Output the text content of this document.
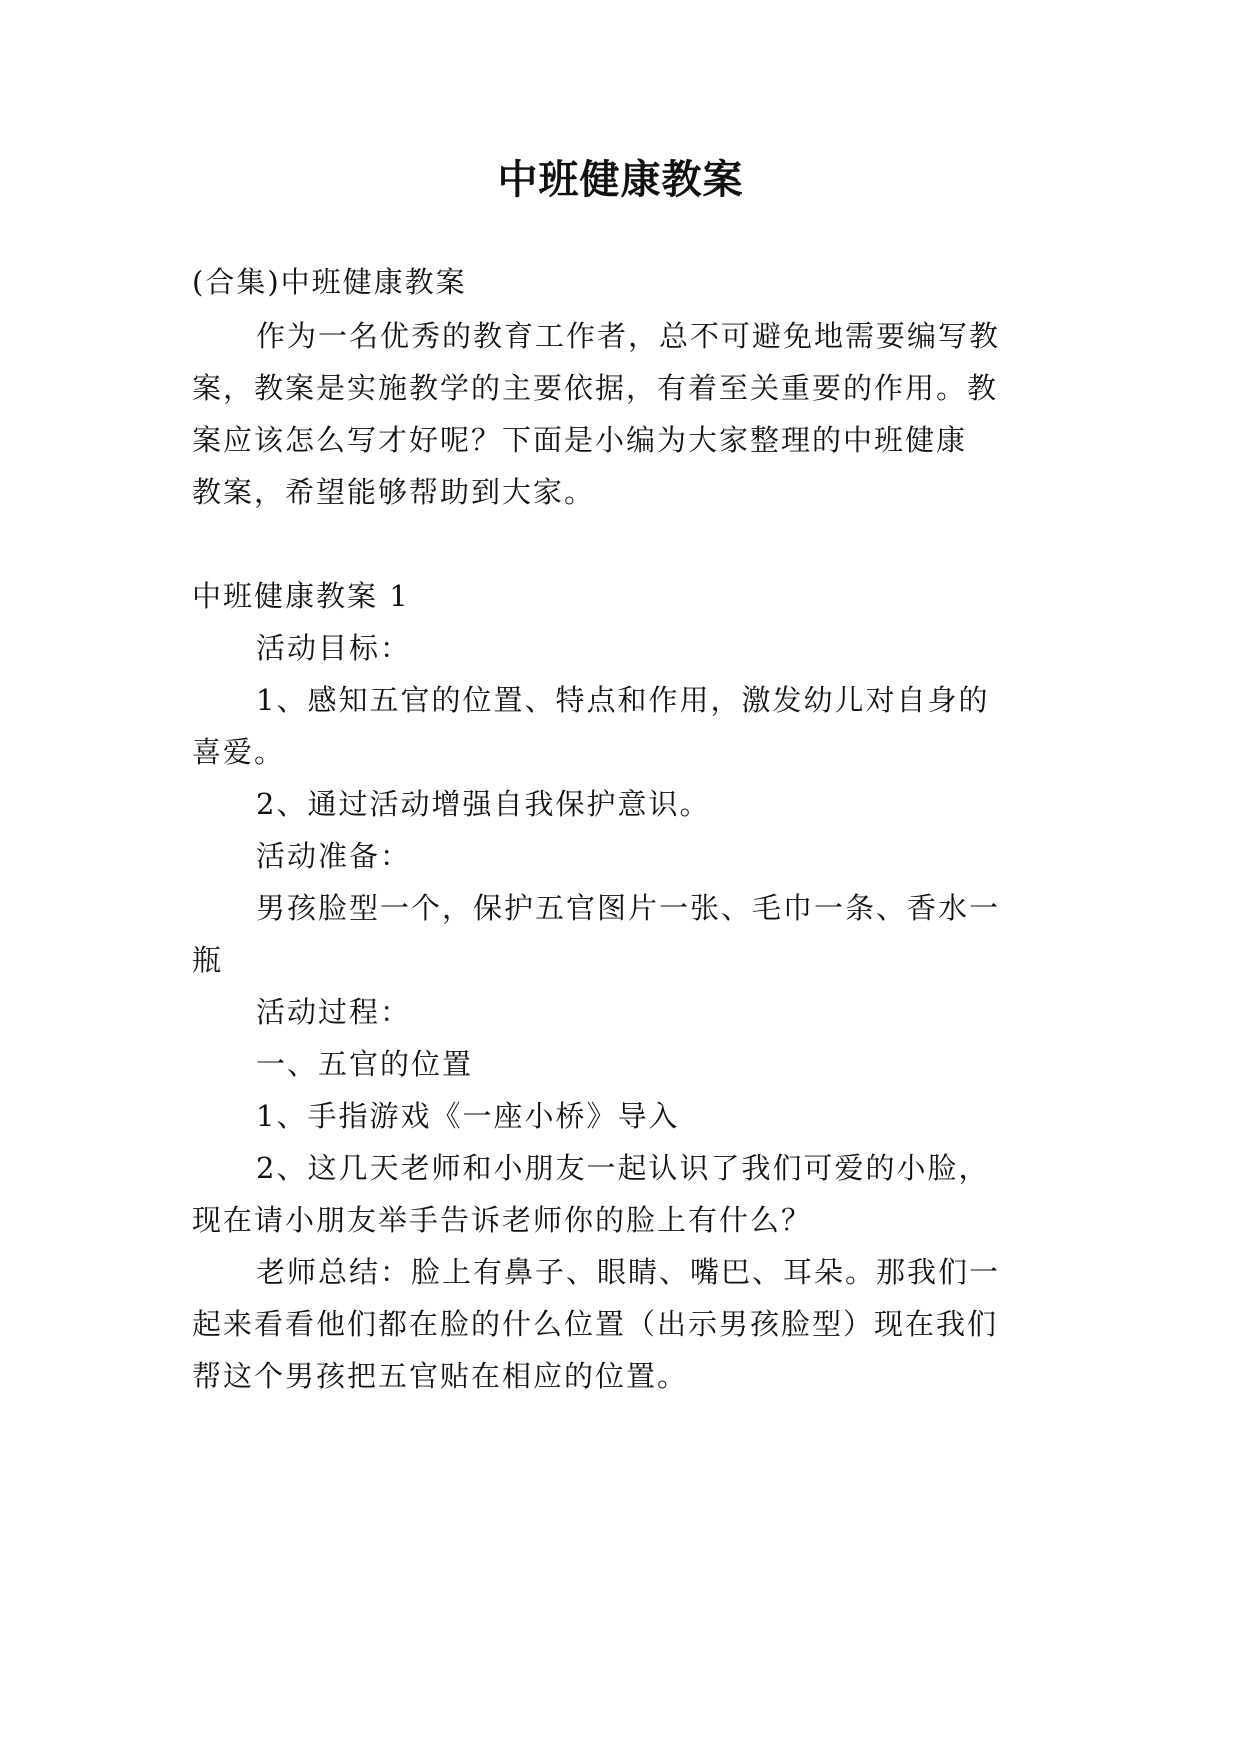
中班健康教案
(合集)中班健康教案
作为一名优秀的教育工作者，总不可避免地需要编写教
案，教案是实施教学的主要依据，有着至关重要的作用。教
案应该怎么写才好呢？下面是小编为大家整理的中班健康
教案，希望能够帮助到大家。
中班健康教案 1
活动目标：
1、感知五官的位置、特点和作用，激发幼儿对自身的
喜爱。
2、通过活动增强自我保护意识。
活动准备：
男孩脸型一个，保护五官图片一张、毛巾一条、香水一
瓶
活动过程：
一、五官的位置
1、手指游戏《一座小桥》导入
2、这几天老师和小朋友一起认识了我们可爱的小脸，
现在请小朋友举手告诉老师你的脸上有什么？
老师总结：脸上有鼻子、眼睛、嘴巴、耳朵。那我们一
起来看看他们都在脸的什么位置（出示男孩脸型）现在我们
帮这个男孩把五官贴在相应的位置。
